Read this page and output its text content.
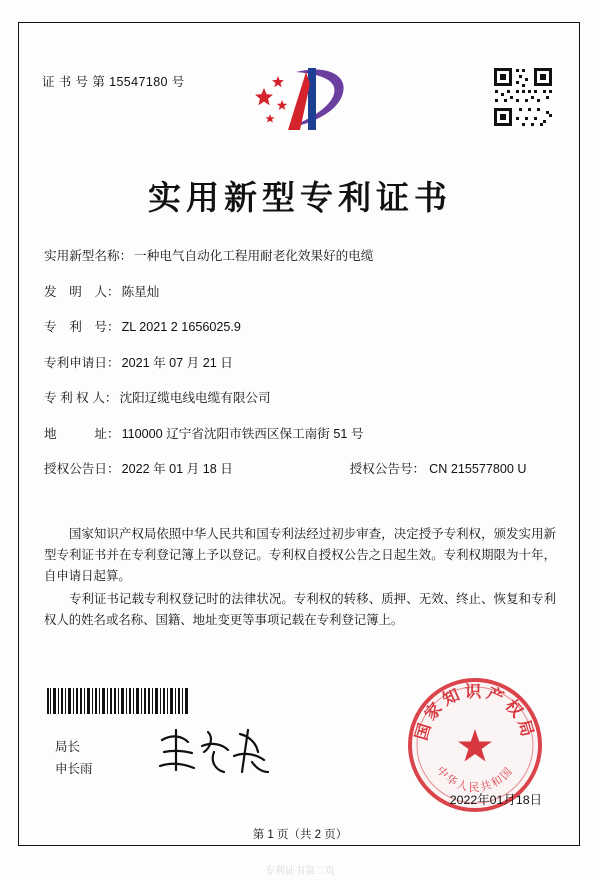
证 书 号 第 15547180 号
实用新型专利证书
实用新型名称： 一种电气自动化工程用耐老化效果好的电缆
发　明　人： 陈星灿
专　利　号： ZL 2021 2 1656025.9
专利申请日： 2021 年 07 月 21 日
专 利 权 人： 沈阳辽缆电线电缆有限公司
地　　　址： 110000 辽宁省沈阳市铁西区保工南街 51 号
授权公告日： 2022 年 01 月 18 日	授权公告号： CN 215577800 U

国家知识产权局依照中华人民共和国专利法经过初步审查，决定授予专利权，颁发实用新型专利证书并在专利登记簿上予以登记。专利权自授权公告之日起生效。专利权期限为十年，自申请日起算。

专利证书记载专利权登记时的法律状况。专利权的转移、质押、无效、终止、恢复和专利权人的姓名或名称、国籍、地址变更等事项记载在专利登记簿上。

国家知识产权局
中华人民共和国
局长
申长雨
2022年01月18日
第 1 页（共 2 页）
专利证书第二页
